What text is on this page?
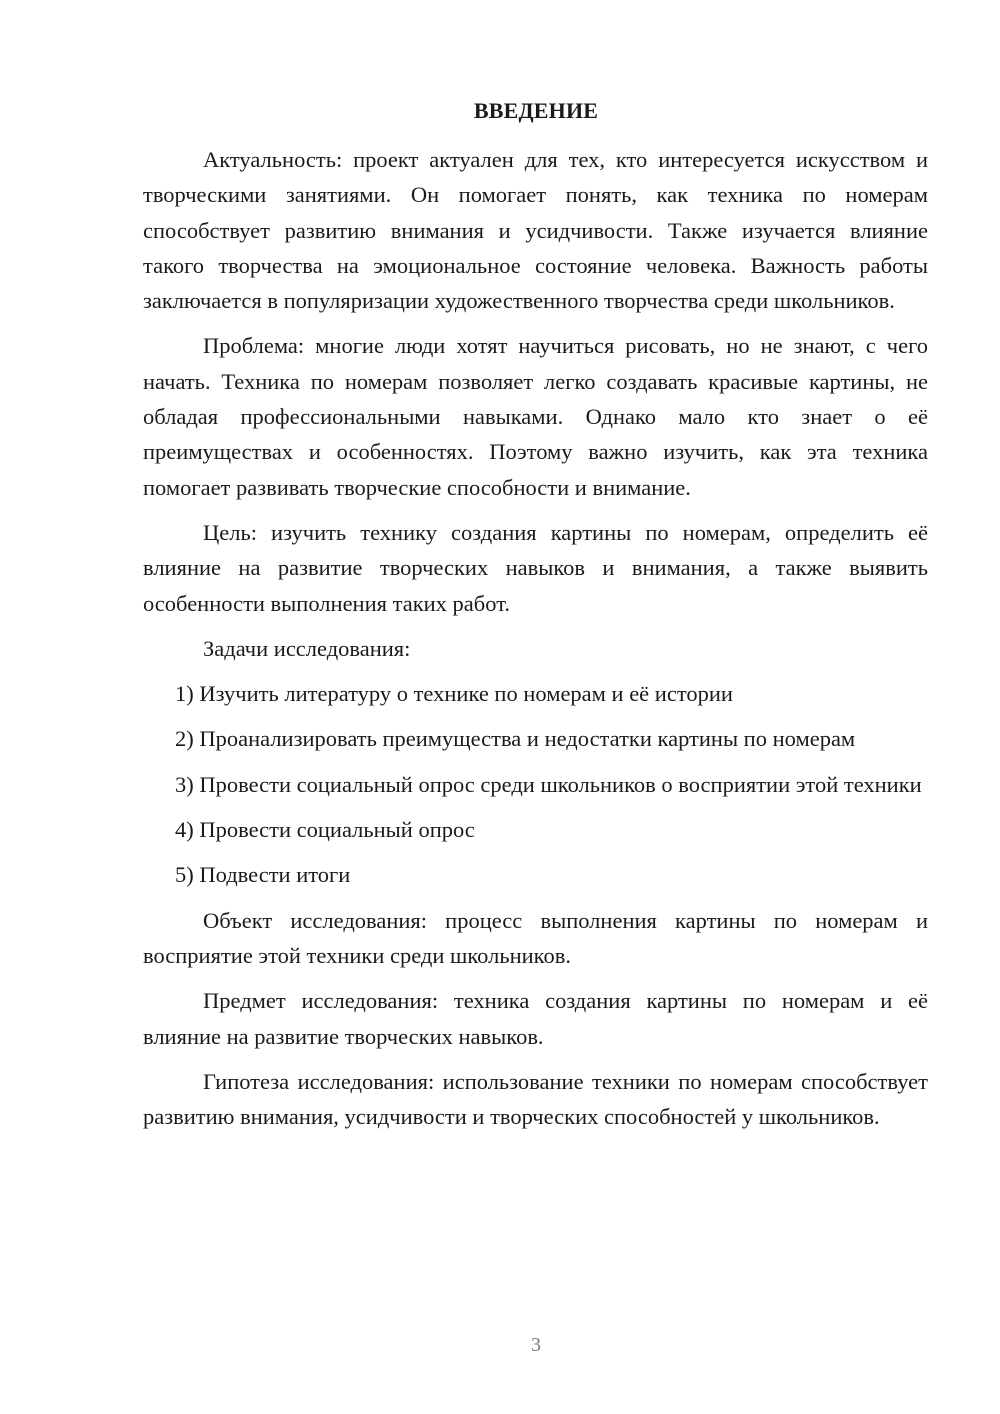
ВВЕДЕНИЕ

Актуальность: проект актуален для тех, кто интересуется искусством и творческими занятиями. Он помогает понять, как техника по номерам способствует развитию внимания и усидчивости. Также изучается влияние такого творчества на эмоциональное состояние человека. Важность работы заключается в популяризации художественного творчества среди школьников.

Проблема: многие люди хотят научиться рисовать, но не знают, с чего начать. Техника по номерам позволяет легко создавать красивые картины, не обладая профессиональными навыками. Однако мало кто знает о её преимуществах и особенностях. Поэтому важно изучить, как эта техника помогает развивать творческие способности и внимание.

Цель: изучить технику создания картины по номерам, определить её влияние на развитие творческих навыков и внимания, а также выявить особенности выполнения таких работ.

Задачи исследования:

1) Изучить литературу о технике по номерам и её истории

2) Проанализировать преимущества и недостатки картины по номерам

3) Провести социальный опрос среди школьников о восприятии этой техники

4) Провести социальный опрос

5) Подвести итоги

Объект исследования: процесс выполнения картины по номерам и восприятие этой техники среди школьников.

Предмет исследования: техника создания картины по номерам и её влияние на развитие творческих навыков.

Гипотеза исследования: использование техники по номерам способствует развитию внимания, усидчивости и творческих способностей у школьников.

3
